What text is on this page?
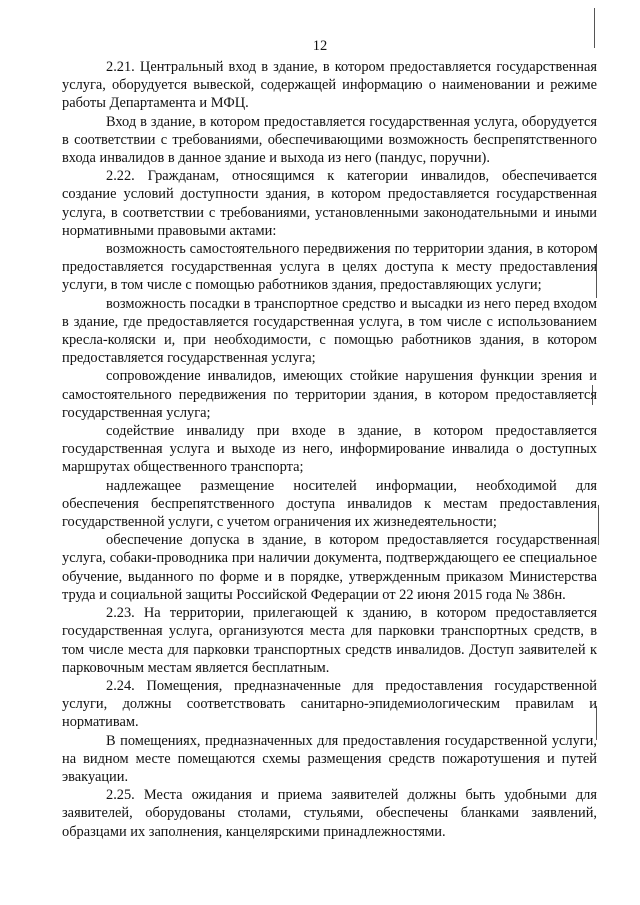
12

2.21. Центральный вход в здание, в котором предоставляется государственная услуга, оборудуется вывеской, содержащей информацию о наименовании и режиме работы Департамента и МФЦ.

Вход в здание, в котором предоставляется государственная услуга, оборудуется в соответствии с требованиями, обеспечивающими возможность беспрепятственного входа инвалидов в данное здание и выхода из него (пандус, поручни).

2.22. Гражданам, относящимся к категории инвалидов, обеспечивается создание условий доступности здания, в котором предоставляется государственная услуга, в соответствии с требованиями, установленными законодательными и иными нормативными правовыми актами:

возможность самостоятельного передвижения по территории здания, в котором предоставляется государственная услуга в целях доступа к месту предоставления услуги, в том числе с помощью работников здания, предоставляющих услуги;

возможность посадки в транспортное средство и высадки из него перед входом в здание, где предоставляется государственная услуга, в том числе с использованием кресла-коляски и, при необходимости, с помощью работников здания, в котором предоставляется государственная услуга;

сопровождение инвалидов, имеющих стойкие нарушения функции зрения и самостоятельного передвижения по территории здания, в котором предоставляется государственная услуга;

содействие инвалиду при входе в здание, в котором предоставляется государственная услуга и выходе из него, информирование инвалида о доступных маршрутах общественного транспорта;

надлежащее размещение носителей информации, необходимой для обеспечения беспрепятственного доступа инвалидов к местам предоставления государственной услуги, с учетом ограничения их жизнедеятельности;

обеспечение допуска в здание, в котором предоставляется государственная услуга, собаки-проводника при наличии документа, подтверждающего ее специальное обучение, выданного по форме и в порядке, утвержденным приказом Министерства труда и социальной защиты Российской Федерации от 22 июня 2015 года № 386н.

2.23. На территории, прилегающей к зданию, в котором предоставляется государственная услуга, организуются места для парковки транспортных средств, в том числе места для парковки транспортных средств инвалидов. Доступ заявителей к парковочным местам является бесплатным.

2.24. Помещения, предназначенные для предоставления государственной услуги, должны соответствовать санитарно-эпидемиологическим правилам и нормативам.

В помещениях, предназначенных для предоставления государственной услуги, на видном месте помещаются схемы размещения средств пожаротушения и путей эвакуации.

2.25. Места ожидания и приема заявителей должны быть удобными для заявителей, оборудованы столами, стульями, обеспечены бланками заявлений, образцами их заполнения, канцелярскими принадлежностями.
